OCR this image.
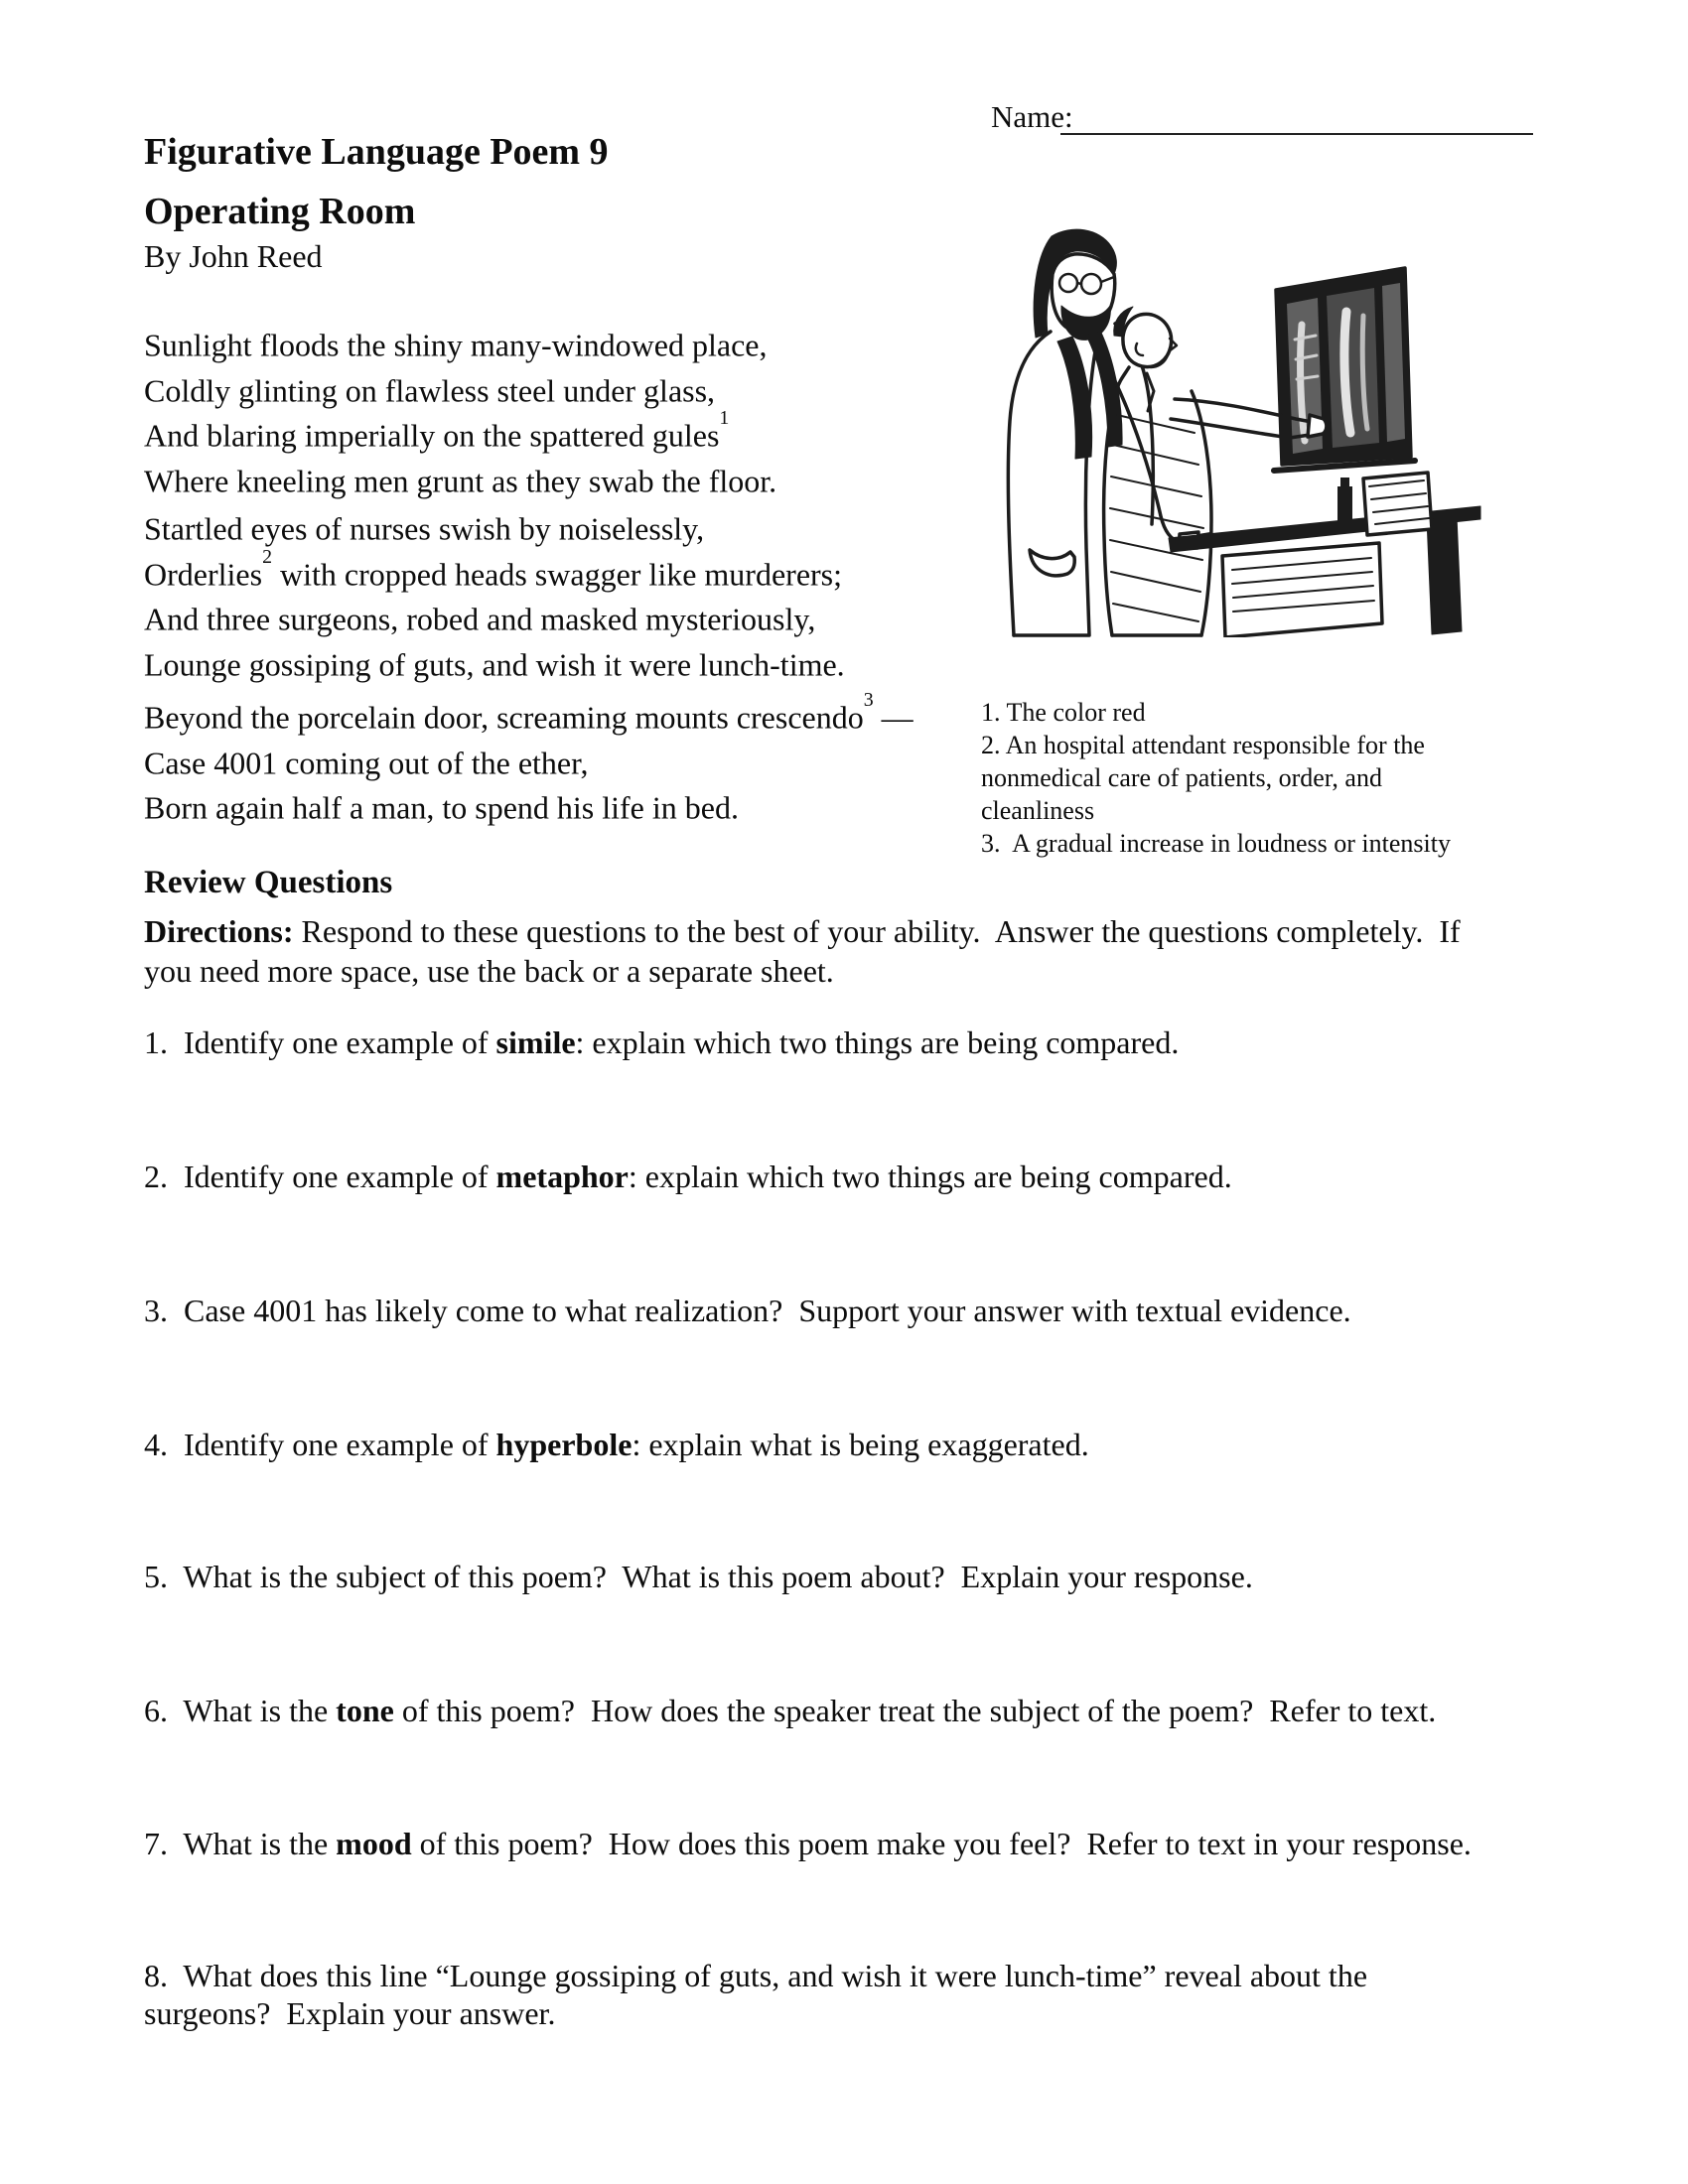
Name:
Figurative Language Poem 9
Operating Room
By John Reed
Sunlight floods the shiny many-windowed place,
Coldly glinting on flawless steel under glass,
And blaring imperially on the spattered gules$^1$
Where kneeling men grunt as they swab the floor.
Startled eyes of nurses swish by noiselessly,
Orderlies$^2$ with cropped heads swagger like murderers;
And three surgeons, robed and masked mysteriously,
Lounge gossiping of guts, and wish it were lunch-time.
Beyond the porcelain door, screaming mounts crescendo$^3$ —
Case 4001 coming out of the ether,
Born again half a man, to spend his life in bed.
1. The color red
2. An hospital attendant responsible for the
nonmedical care of patients, order, and
cleanliness
3.  A gradual increase in loudness or intensity
Review Questions
Directions: Respond to these questions to the best of your ability.  Answer the questions completely.  If
you need more space, use the back or a separate sheet.
1.  Identify one example of simile: explain which two things are being compared.
2.  Identify one example of metaphor: explain which two things are being compared.
3.  Case 4001 has likely come to what realization?  Support your answer with textual evidence.
4.  Identify one example of hyperbole: explain what is being exaggerated.
5.  What is the subject of this poem?  What is this poem about?  Explain your response.
6.  What is the tone of this poem?  How does the speaker treat the subject of the poem?  Refer to text.
7.  What is the mood of this poem?  How does this poem make you feel?  Refer to text in your response.
8.  What does this line “Lounge gossiping of guts, and wish it were lunch-time” reveal about the
surgeons?  Explain your answer.
